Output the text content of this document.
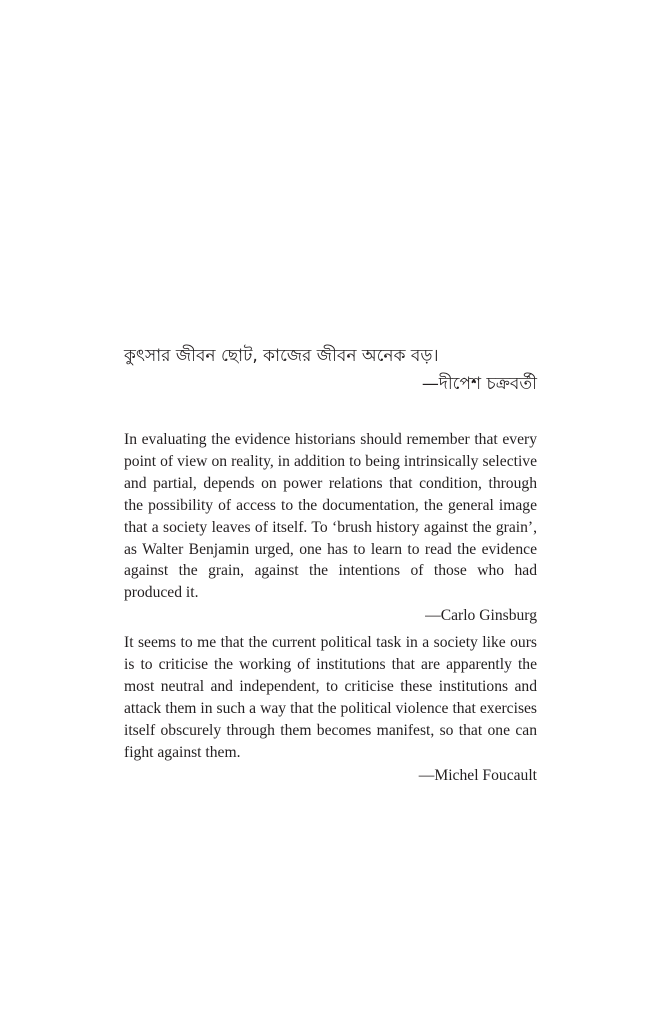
কুৎসার জীবন ছোট, কাজের জীবন অনেক বড়।

—দীপেশ চক্রবর্তী

In evaluating the evidence historians should remember that every point of view on reality, in addition to being intrinsically selective and partial, depends on power relations that condition, through the possibility of access to the documentation, the general image that a society leaves of itself. To ‘brush history against the grain’, as Walter Benjamin urged, one has to learn to read the evidence against the grain, against the intentions of those who had produced it.

—Carlo Ginsburg

It seems to me that the current political task in a society like ours is to criticise the working of institutions that are apparently the most neutral and independent, to criticise these institutions and attack them in such a way that the political violence that exercises itself obscurely through them becomes manifest, so that one can fight against them.

—Michel Foucault
